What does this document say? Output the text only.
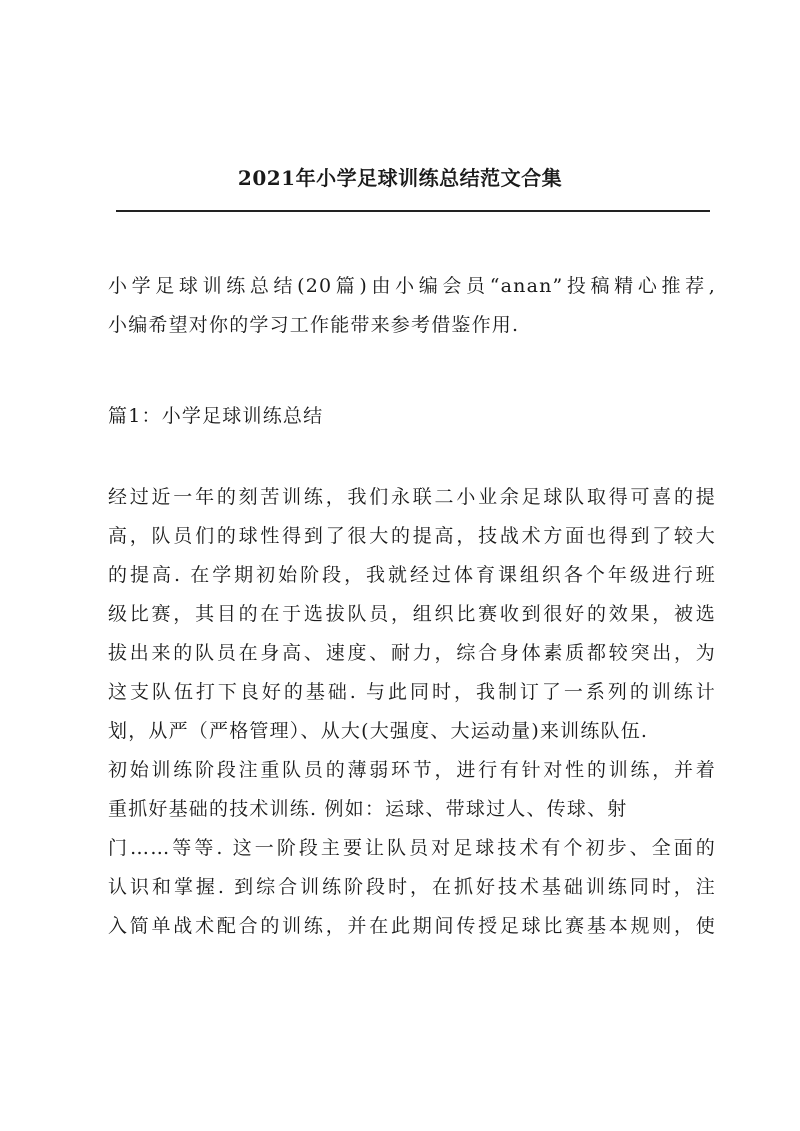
2021年小学足球训练总结范文合集

小学足球训练总结(20篇)由小编会员“anan”投稿精心推荐,
小编希望对你的学习工作能带来参考借鉴作用.

篇1：小学足球训练总结

经过近一年的刻苦训练，我们永联二小业余足球队取得可喜的提
高，队员们的球性得到了很大的提高，技战术方面也得到了较大
的提高. 在学期初始阶段，我就经过体育课组织各个年级进行班
级比赛，其目的在于选拔队员，组织比赛收到很好的效果，被选
拔出来的队员在身高、速度、耐力，综合身体素质都较突出，为
这支队伍打下良好的基础. 与此同时，我制订了一系列的训练计
划，从严（严格管理）、从大(大强度、大运动量)来训练队伍.
初始训练阶段注重队员的薄弱环节，进行有针对性的训练，并着
重抓好基础的技术训练. 例如：运球、带球过人、传球、射
门……等等. 这一阶段主要让队员对足球技术有个初步、全面的
认识和掌握. 到综合训练阶段时，在抓好技术基础训练同时，注
入简单战术配合的训练，并在此期间传授足球比赛基本规则，使
